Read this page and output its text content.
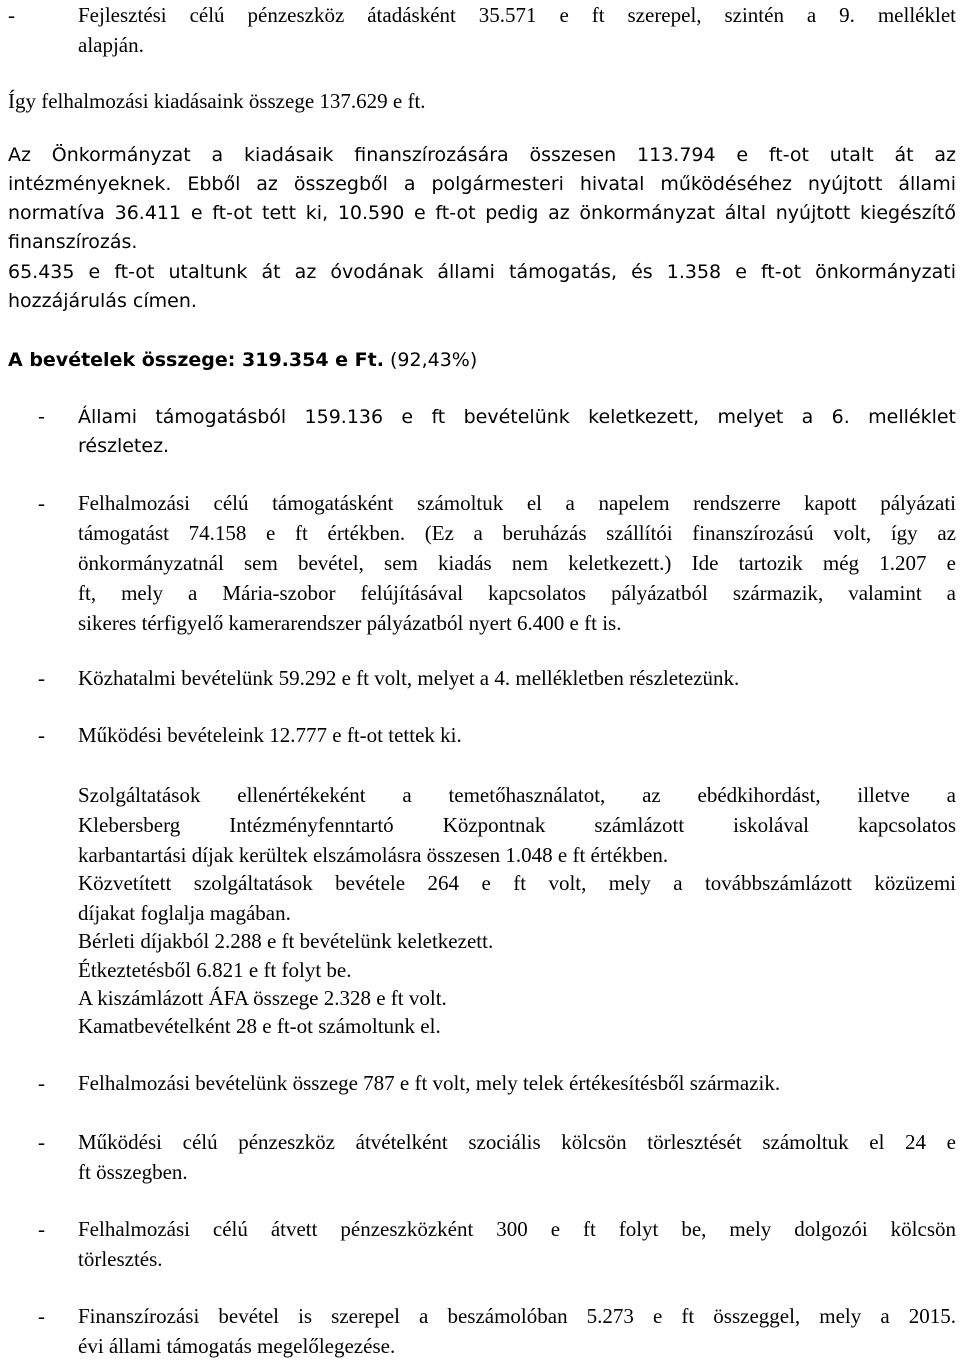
-	Fejlesztési célú pénzeszköz átadásként 35.571 e ft szerepel, szintén a 9. melléklet
alapján.
Így felhalmozási kiadásaink összege 137.629 e ft.
Az Önkormányzat a kiadásaik finanszírozására összesen 113.794 e ft-ot utalt át az
intézményeknek. Ebből az összegből a polgármesteri hivatal működéséhez nyújtott állami
normatíva 36.411 e ft-ot tett ki, 10.590 e ft-ot pedig az önkormányzat által nyújtott kiegészítő
finanszírozás.
65.435 e ft-ot utaltunk át az óvodának állami támogatás, és 1.358 e ft-ot önkormányzati
hozzájárulás címen.
A bevételek összege: 319.354 e Ft. (92,43%)
- Állami támogatásból 159.136 e ft bevételünk keletkezett, melyet a 6. melléklet
részletez.
- Felhalmozási célú támogatásként számoltuk el a napelem rendszerre kapott pályázati
támogatást 74.158 e ft értékben. (Ez a beruházás szállítói finanszírozású volt, így az
önkormányzatnál sem bevétel, sem kiadás nem keletkezett.) Ide tartozik még 1.207 e
ft, mely a Mária-szobor felújításával kapcsolatos pályázatból származik, valamint a
sikeres térfigyelő kamerarendszer pályázatból nyert 6.400 e ft is.
- Közhatalmi bevételünk 59.292 e ft volt, melyet a 4. mellékletben részletezünk.
- Működési bevételeink 12.777 e ft-ot tettek ki.
Szolgáltatások ellenértékeként a temetőhasználatot, az ebédkihordást, illetve a
Klebersberg Intézményfenntartó Központnak számlázott iskolával kapcsolatos
karbantartási díjak kerültek elszámolásra összesen 1.048 e ft értékben.
Közvetített szolgáltatások bevétele 264 e ft volt, mely a továbbszámlázott közüzemi
díjakat foglalja magában.
Bérleti díjakból 2.288 e ft bevételünk keletkezett.
Étkeztetésből 6.821 e ft folyt be.
A kiszámlázott ÁFA összege 2.328 e ft volt.
Kamatbevételként 28 e ft-ot számoltunk el.
- Felhalmozási bevételünk összege 787 e ft volt, mely telek értékesítésből származik.
- Működési célú pénzeszköz átvételként szociális kölcsön törlesztését számoltuk el 24 e
ft összegben.
- Felhalmozási célú átvett pénzeszközként 300 e ft folyt be, mely dolgozói kölcsön
törlesztés.
- Finanszírozási bevétel is szerepel a beszámolóban 5.273 e ft összeggel, mely a 2015.
évi állami támogatás megelőlegezése.
